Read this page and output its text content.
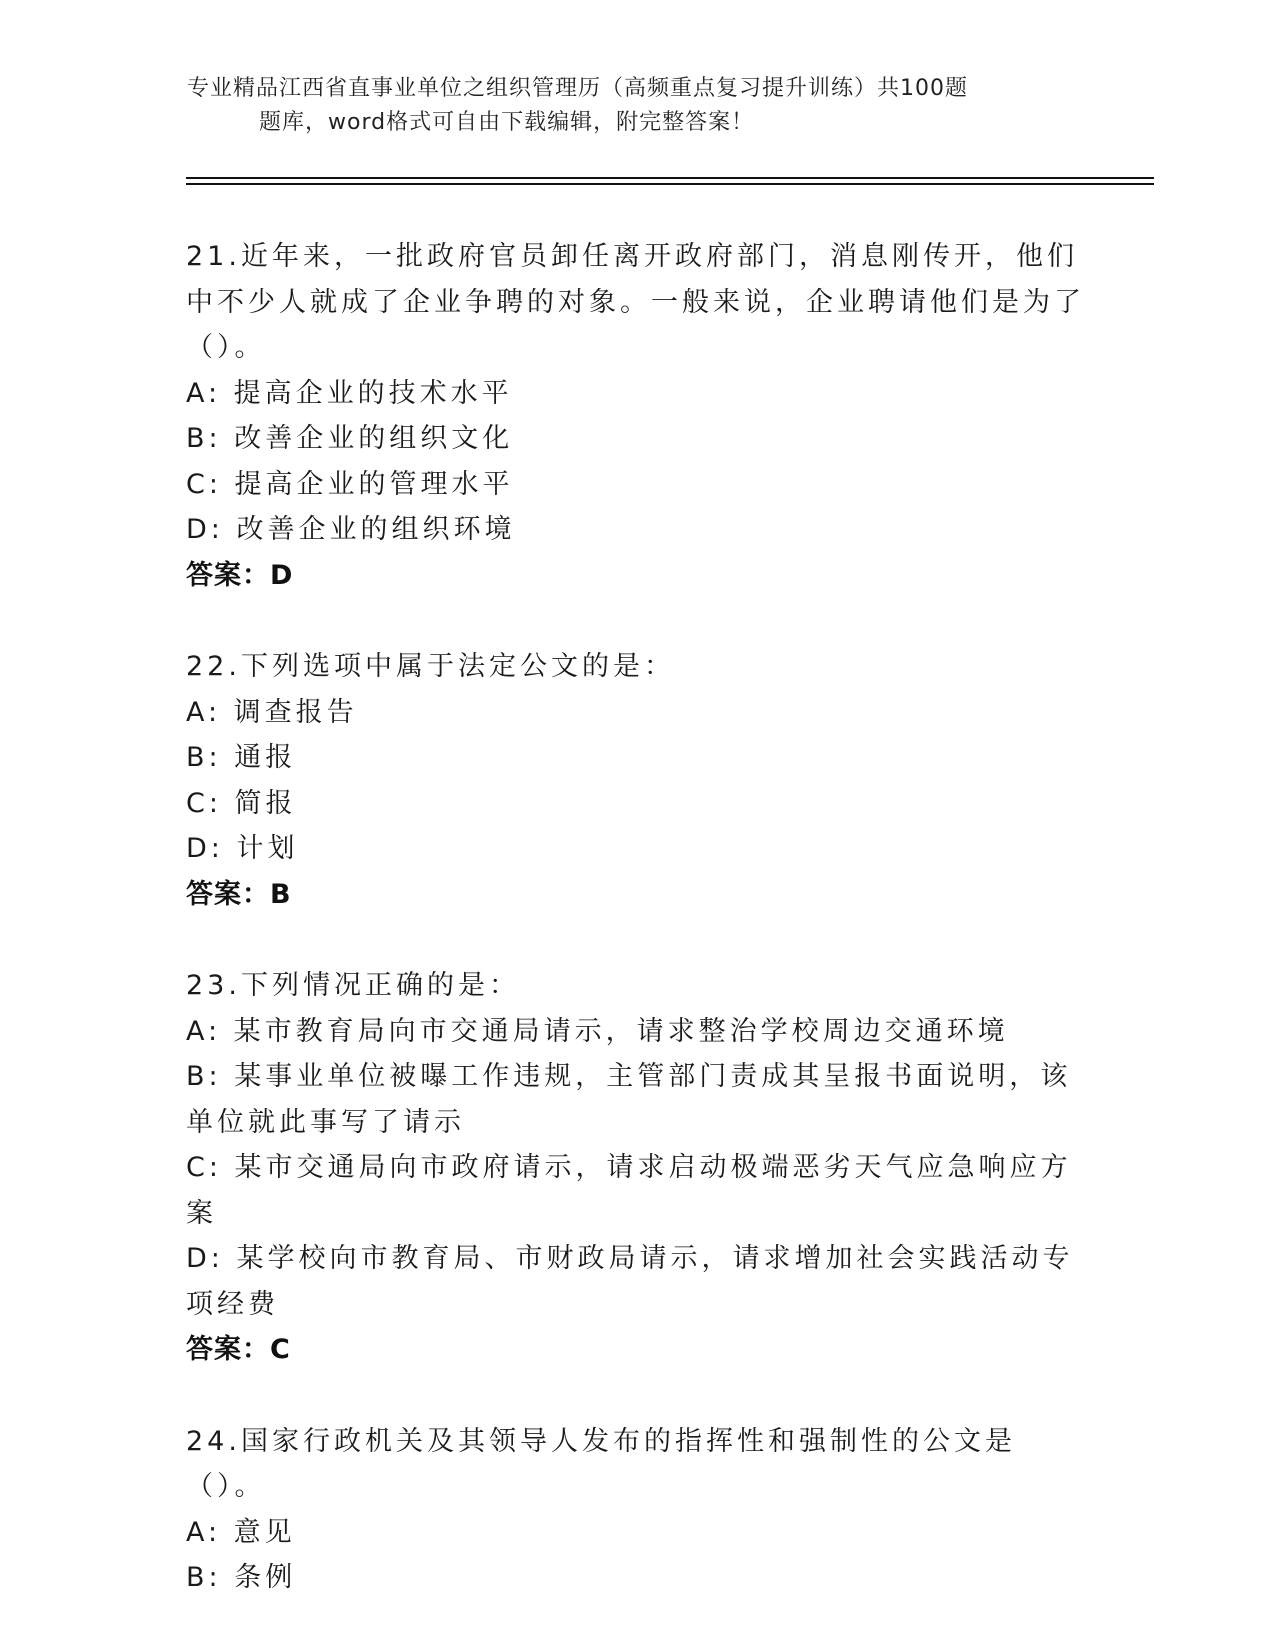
专业精品江西省直事业单位之组织管理历（高频重点复习提升训练）共100题
题库，word格式可自由下载编辑，附完整答案！
21.近年来，一批政府官员卸任离开政府部门，消息刚传开，他们中不少人就成了企业争聘的对象。一般来说，企业聘请他们是为了（）。
A: 提高企业的技术水平
B: 改善企业的组织文化
C: 提高企业的管理水平
D: 改善企业的组织环境
答案：D
22.下列选项中属于法定公文的是：
A: 调查报告
B: 通报
C: 简报
D: 计划
答案：B
23.下列情况正确的是：
A: 某市教育局向市交通局请示，请求整治学校周边交通环境
B: 某事业单位被曝工作违规，主管部门责成其呈报书面说明，该单位就此事写了请示
C: 某市交通局向市政府请示，请求启动极端恶劣天气应急响应方案
D: 某学校向市教育局、市财政局请示，请求增加社会实践活动专项经费
答案：C
24.国家行政机关及其领导人发布的指挥性和强制性的公文是（）。
A: 意见
B: 条例
